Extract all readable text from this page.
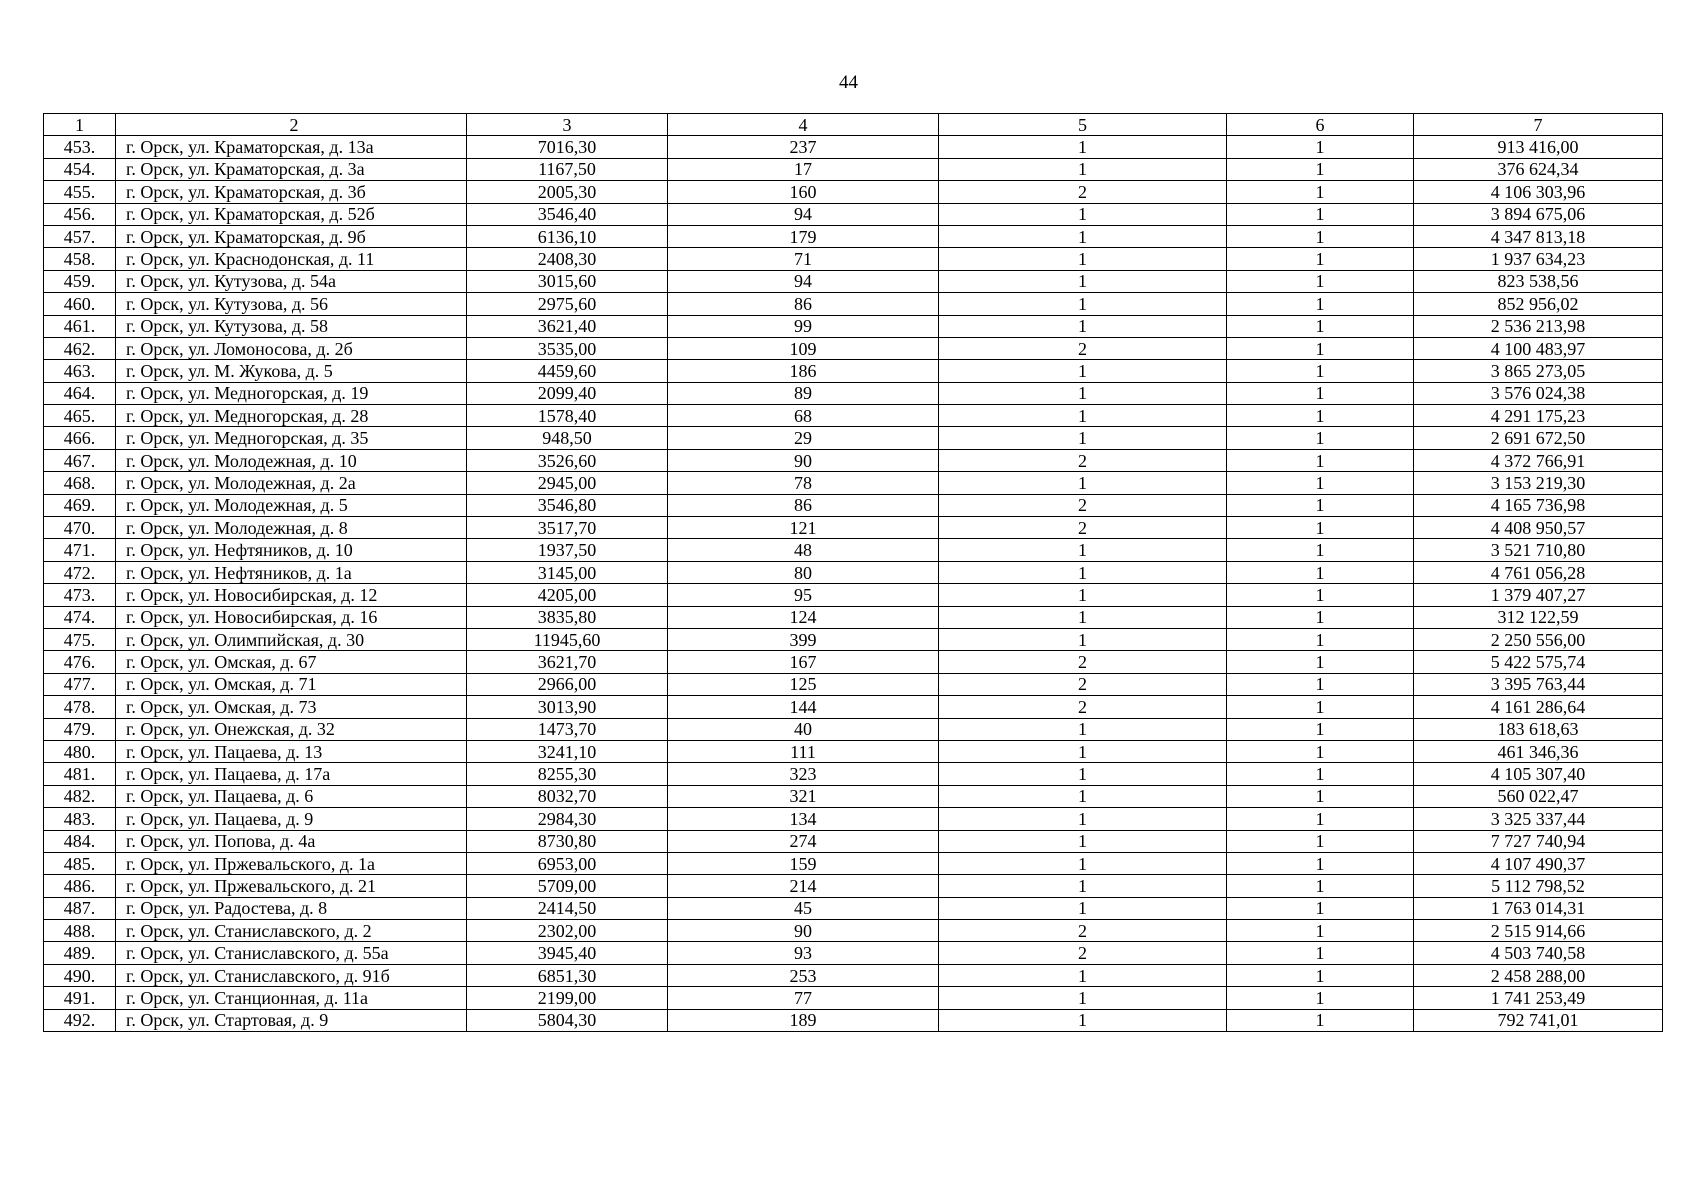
44
1	2	3	4	5	6	7
453.	г. Орск, ул. Краматорская, д. 13а	7016,30	237	1	1	913 416,00
454.	г. Орск, ул. Краматорская, д. 3а	1167,50	17	1	1	376 624,34
455.	г. Орск, ул. Краматорская, д. 3б	2005,30	160	2	1	4 106 303,96
456.	г. Орск, ул. Краматорская, д. 52б	3546,40	94	1	1	3 894 675,06
457.	г. Орск, ул. Краматорская, д. 9б	6136,10	179	1	1	4 347 813,18
458.	г. Орск, ул. Краснодонская, д. 11	2408,30	71	1	1	1 937 634,23
459.	г. Орск, ул. Кутузова, д. 54а	3015,60	94	1	1	823 538,56
460.	г. Орск, ул. Кутузова, д. 56	2975,60	86	1	1	852 956,02
461.	г. Орск, ул. Кутузова, д. 58	3621,40	99	1	1	2 536 213,98
462.	г. Орск, ул. Ломоносова, д. 2б	3535,00	109	2	1	4 100 483,97
463.	г. Орск, ул. М. Жукова, д. 5	4459,60	186	1	1	3 865 273,05
464.	г. Орск, ул. Медногорская, д. 19	2099,40	89	1	1	3 576 024,38
465.	г. Орск, ул. Медногорская, д. 28	1578,40	68	1	1	4 291 175,23
466.	г. Орск, ул. Медногорская, д. 35	948,50	29	1	1	2 691 672,50
467.	г. Орск, ул. Молодежная, д. 10	3526,60	90	2	1	4 372 766,91
468.	г. Орск, ул. Молодежная, д. 2а	2945,00	78	1	1	3 153 219,30
469.	г. Орск, ул. Молодежная, д. 5	3546,80	86	2	1	4 165 736,98
470.	г. Орск, ул. Молодежная, д. 8	3517,70	121	2	1	4 408 950,57
471.	г. Орск, ул. Нефтяников, д. 10	1937,50	48	1	1	3 521 710,80
472.	г. Орск, ул. Нефтяников, д. 1а	3145,00	80	1	1	4 761 056,28
473.	г. Орск, ул. Новосибирская, д. 12	4205,00	95	1	1	1 379 407,27
474.	г. Орск, ул. Новосибирская, д. 16	3835,80	124	1	1	312 122,59
475.	г. Орск, ул. Олимпийская, д. 30	11945,60	399	1	1	2 250 556,00
476.	г. Орск, ул. Омская, д. 67	3621,70	167	2	1	5 422 575,74
477.	г. Орск, ул. Омская, д. 71	2966,00	125	2	1	3 395 763,44
478.	г. Орск, ул. Омская, д. 73	3013,90	144	2	1	4 161 286,64
479.	г. Орск, ул. Онежская, д. 32	1473,70	40	1	1	183 618,63
480.	г. Орск, ул. Пацаева, д. 13	3241,10	111	1	1	461 346,36
481.	г. Орск, ул. Пацаева, д. 17а	8255,30	323	1	1	4 105 307,40
482.	г. Орск, ул. Пацаева, д. 6	8032,70	321	1	1	560 022,47
483.	г. Орск, ул. Пацаева, д. 9	2984,30	134	1	1	3 325 337,44
484.	г. Орск, ул. Попова, д. 4а	8730,80	274	1	1	7 727 740,94
485.	г. Орск, ул. Пржевальского, д. 1а	6953,00	159	1	1	4 107 490,37
486.	г. Орск, ул. Пржевальского, д. 21	5709,00	214	1	1	5 112 798,52
487.	г. Орск, ул. Радостева, д. 8	2414,50	45	1	1	1 763 014,31
488.	г. Орск, ул. Станиславского, д. 2	2302,00	90	2	1	2 515 914,66
489.	г. Орск, ул. Станиславского, д. 55а	3945,40	93	2	1	4 503 740,58
490.	г. Орск, ул. Станиславского, д. 91б	6851,30	253	1	1	2 458 288,00
491.	г. Орск, ул. Станционная, д. 11а	2199,00	77	1	1	1 741 253,49
492.	г. Орск, ул. Стартовая, д. 9	5804,30	189	1	1	792 741,01
